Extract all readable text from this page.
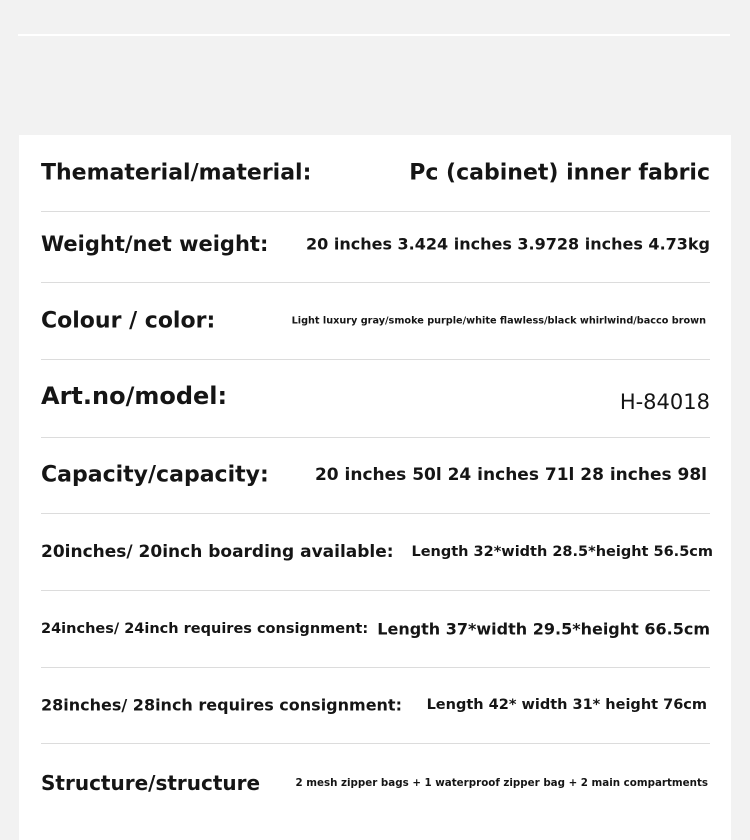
Thematerial/material:	Pc (cabinet) inner fabric
Weight/net weight: 20 inches 3.424 inches 3.9728 inches 4.73kg
Colour / color:	Light luxury gray/smoke purple/white flawless/black whirlwind/bacco brown
Art.no/model:	H-84018
Capacity/capacity:	20 inches 50l 24 inches 71l 28 inches 98l
20inches/ 20inch boarding available: Length 32*width 28.5*height 56.5cm
24inches/ 24inch requires consignment: Length 37*width 29.5*height 66.5cm
28inches/ 28inch requires consignment: Length 42* width 31* height 76cm
Structure/structure	2 mesh zipper bags + 1 waterproof zipper bag + 2 main compartments
